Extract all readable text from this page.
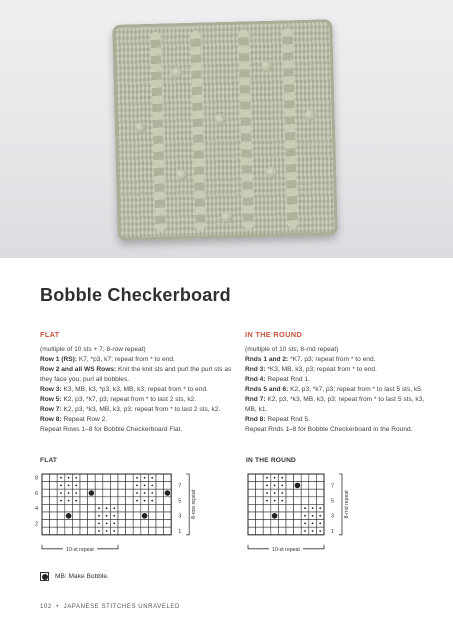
Bobble Checkerboard
FLAT
(multiple of 10 sts + 7; 8-row repeat)
Row 1 (RS): K7, *p3, k7; repeat from * to end.
Row 2 and all WS Rows: Knit the knit sts and purl the purl sts as they face you; purl all bobbles.
Row 3: K3, MB, k3, *p3, k3, MB, k3; repeat from * to end.
Row 5: K2, p3, *k7, p3; repeat from * to last 2 sts, k2.
Row 7: K2, p3, *k3, MB, k3, p3; repeat from * to last 2 sts, k2.
Row 8: Repeat Row 2.
Repeat Rows 1–8 for Bobble Checkerboard Flat.
IN THE ROUND
(multiple of 10 sts; 8-rnd repeat)
Rnds 1 and 2: *K7, p3; repeat from * to end.
Rnd 3: *K3, MB, k3, p3; repeat from * to end.
Rnd 4: Repeat Rnd 1.
Rnds 5 and 6: K2, p3, *k7, p3; repeat from * to last 5 sts, k5.
Rnd 7: K2, p3, *k3, MB, k3, p3; repeat from * to last 5 sts, k3, MB, k1.
Rnd 8: Repeat Rnd 5.
Repeat Rnds 1–8 for Bobble Checkerboard in the Round.
FLAT	IN THE ROUND
8
6
4
2
7
5
3
1
8-row repeat
10-st repeat
7
5
3
1
8-rnd repeat
10-st repeat
MB: Make Bobble.
102 • JAPANESE STITCHES UNRAVELED
